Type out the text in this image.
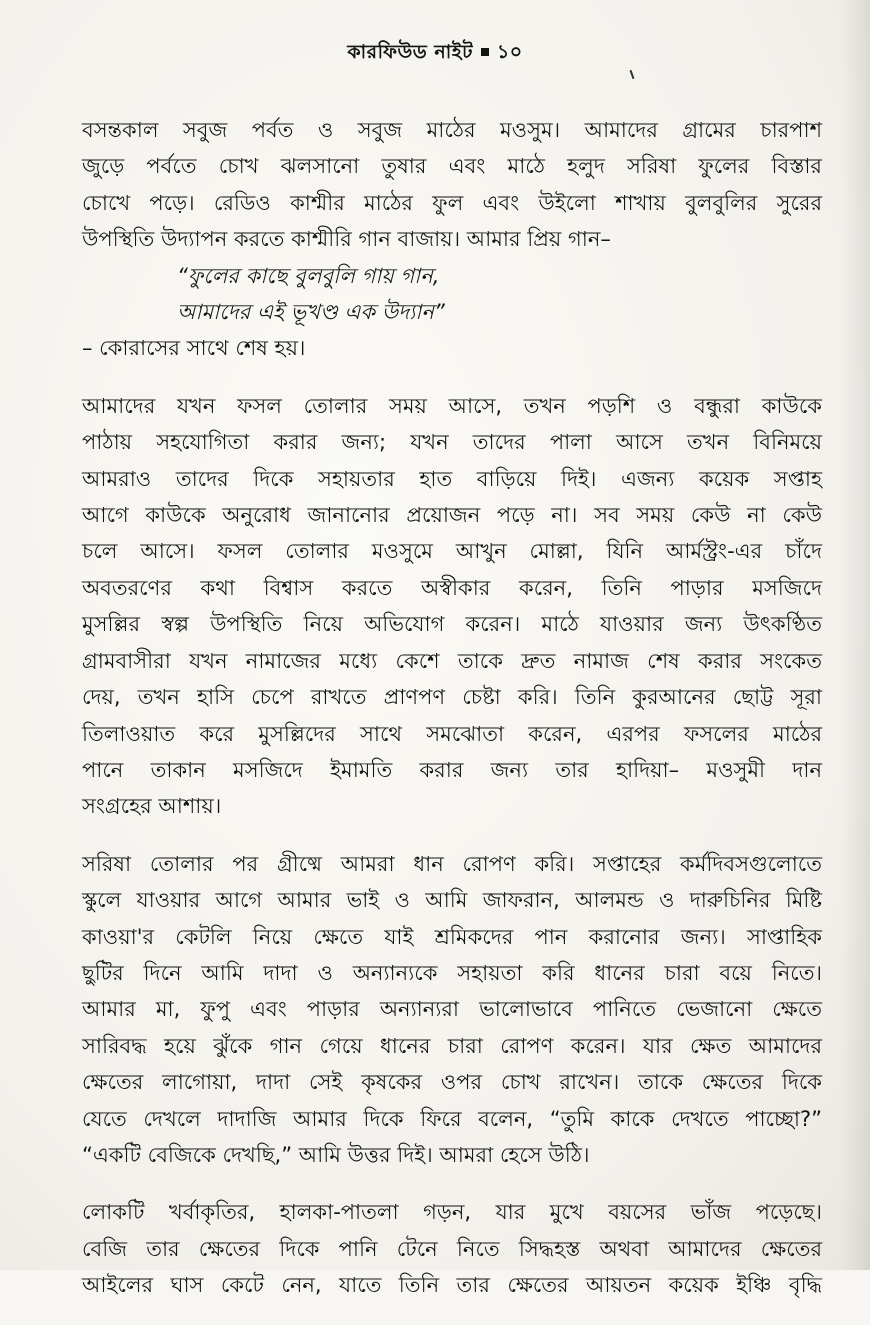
কারফিউড নাইট ১০
বসন্তকাল সবুজ পর্বত ও সবুজ মাঠের মওসুম। আমাদের গ্রামের চারপাশ
জুড়ে পর্বতে চোখ ঝলসানো তুষার এবং মাঠে হলুদ সরিষা ফুলের বিস্তার
চোখে পড়ে। রেডিও কাশ্মীর মাঠের ফুল এবং উইলো শাখায় বুলবুলির সুরের
উপস্থিতি উদ্যাপন করতে কাশ্মীরি গান বাজায়। আমার প্রিয় গান–
“ফুলের কাছে বুলবুলি গায় গান,
আমাদের এই ভূখণ্ড এক উদ্যান”
– কোরাসের সাথে শেষ হয়।
আমাদের যখন ফসল তোলার সময় আসে, তখন পড়শি ও বন্ধুরা কাউকে
পাঠায় সহযোগিতা করার জন্য; যখন তাদের পালা আসে তখন বিনিময়ে
আমরাও তাদের দিকে সহায়তার হাত বাড়িয়ে দিই। এজন্য কয়েক সপ্তাহ
আগে কাউকে অনুরোধ জানানোর প্রয়োজন পড়ে না। সব সময় কেউ না কেউ
চলে আসে। ফসল তোলার মওসুমে আখুন মোল্লা, যিনি আর্মস্ট্রং-এর চাঁদে
অবতরণের কথা বিশ্বাস করতে অস্বীকার করেন, তিনি পাড়ার মসজিদে
মুসল্লির স্বল্প উপস্থিতি নিয়ে অভিযোগ করেন। মাঠে যাওয়ার জন্য উৎকণ্ঠিত
গ্রামবাসীরা যখন নামাজের মধ্যে কেশে তাকে দ্রুত নামাজ শেষ করার সংকেত
দেয়, তখন হাসি চেপে রাখতে প্রাণপণ চেষ্টা করি। তিনি কুরআনের ছোট্ট সূরা
তিলাওয়াত করে মুসল্লিদের সাথে সমঝোতা করেন, এরপর ফসলের মাঠের
পানে তাকান মসজিদে ইমামতি করার জন্য তার হাদিয়া– মওসুমী দান
সংগ্রহের আশায়।
সরিষা তোলার পর গ্রীষ্মে আমরা ধান রোপণ করি। সপ্তাহের কর্মদিবসগুলোতে
স্কুলে যাওয়ার আগে আমার ভাই ও আমি জাফরান, আলমন্ড ও দারুচিনির মিষ্টি
কাওয়া'র কেটলি নিয়ে ক্ষেতে যাই শ্রমিকদের পান করানোর জন্য। সাপ্তাহিক
ছুটির দিনে আমি দাদা ও অন্যান্যকে সহায়তা করি ধানের চারা বয়ে নিতে।
আমার মা, ফুপু এবং পাড়ার অন্যান্যরা ভালোভাবে পানিতে ভেজানো ক্ষেতে
সারিবদ্ধ হয়ে ঝুঁকে গান গেয়ে ধানের চারা রোপণ করেন। যার ক্ষেত আমাদের
ক্ষেতের লাগোয়া, দাদা সেই কৃষকের ওপর চোখ রাখেন। তাকে ক্ষেতের দিকে
যেতে দেখলে দাদাজি আমার দিকে ফিরে বলেন, “তুমি কাকে দেখতে পাচ্ছো?”
“একটি বেজিকে দেখছি,” আমি উত্তর দিই। আমরা হেসে উঠি।
লোকটি খর্বাকৃতির, হালকা-পাতলা গড়ন, যার মুখে বয়সের ভাঁজ পড়েছে।
বেজি তার ক্ষেতের দিকে পানি টেনে নিতে সিদ্ধহস্ত অথবা আমাদের ক্ষেতের
আইলের ঘাস কেটে নেন, যাতে তিনি তার ক্ষেতের আয়তন কয়েক ইঞ্চি বৃদ্ধি
